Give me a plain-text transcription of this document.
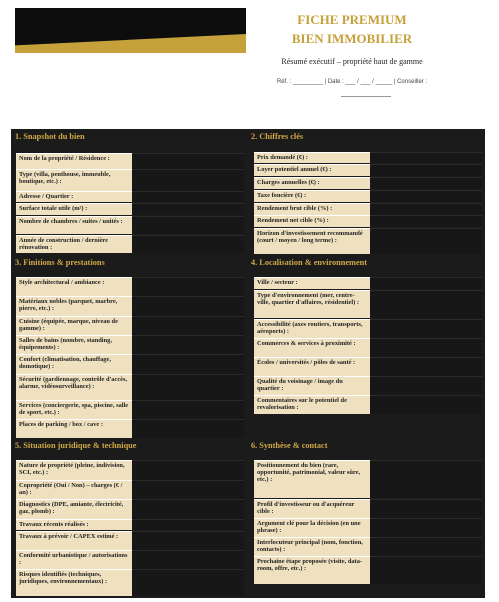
FICHE PREMIUM
BIEN IMMOBILIER
Résumé exécutif – propriété haut de gamme
Réf. : _________ | Date : ___ / ___ / _____ | Conseiller :
1. Snapshot du bien
Nom de la propriété / Résidence :
Type (villa, penthouse, immeuble, boutique, etc.) :
Adresse / Quartier :
Surface totale utile (m²) :
Nombre de chambres / suites / unités :
Année de construction / dernière rénovation :
2. Chiffres clés
Prix demandé (€) :
Loyer potentiel annuel (€) :
Charges annuelles (€) :
Taxe foncière (€) :
Rendement brut cible (%) :
Rendement net cible (%) :
Horizon d'investissement recommandé (court / moyen / long terme) :
3. Finitions & prestations
Style architectural / ambiance :
Matériaux nobles (parquet, marbre, pierre, etc.) :
Cuisine (équipée, marque, niveau de gamme) :
Salles de bains (nombre, standing, équipements) :
Confort (climatisation, chauffage, domotique) :
Sécurité (gardiennage, contrôle d'accès, alarme, vidéosurveillance) :
Services (conciergerie, spa, piscine, salle de sport, etc.) :
Places de parking / box / cave :
4. Localisation & environnement
Ville / secteur :
Type d'environnement (mer, centre-ville, quartier d'affaires, résidentiel) :
Accessibilité (axes routiers, transports, aéroports) :
Commerces & services à proximité :
Écoles / universités / pôles de santé :
Qualité du voisinage / image du quartier :
Commentaires sur le potentiel de revalorisation :
5. Situation juridique & technique
Nature de propriété (pleine, indivision, SCI, etc.) :
Copropriété (Oui / Non) – charges (€ / an) :
Diagnostics (DPE, amiante, électricité, gaz, plomb) :
Travaux récents réalisés :
Travaux à prévoir / CAPEX estimé :
Conformité urbanistique / autorisations :
Risques identifiés (techniques, juridiques, environnementaux) :
6. Synthèse & contact
Positionnement du bien (rare, opportunité, patrimonial, valeur sûre, etc.) :
Profil d'investisseur ou d'acquéreur cible :
Argument clé pour la décision (en une phrase) :
Interlocuteur principal (nom, fonction, contacts) :
Prochaine étape proposée (visite, data-room, offre, etc.) :
